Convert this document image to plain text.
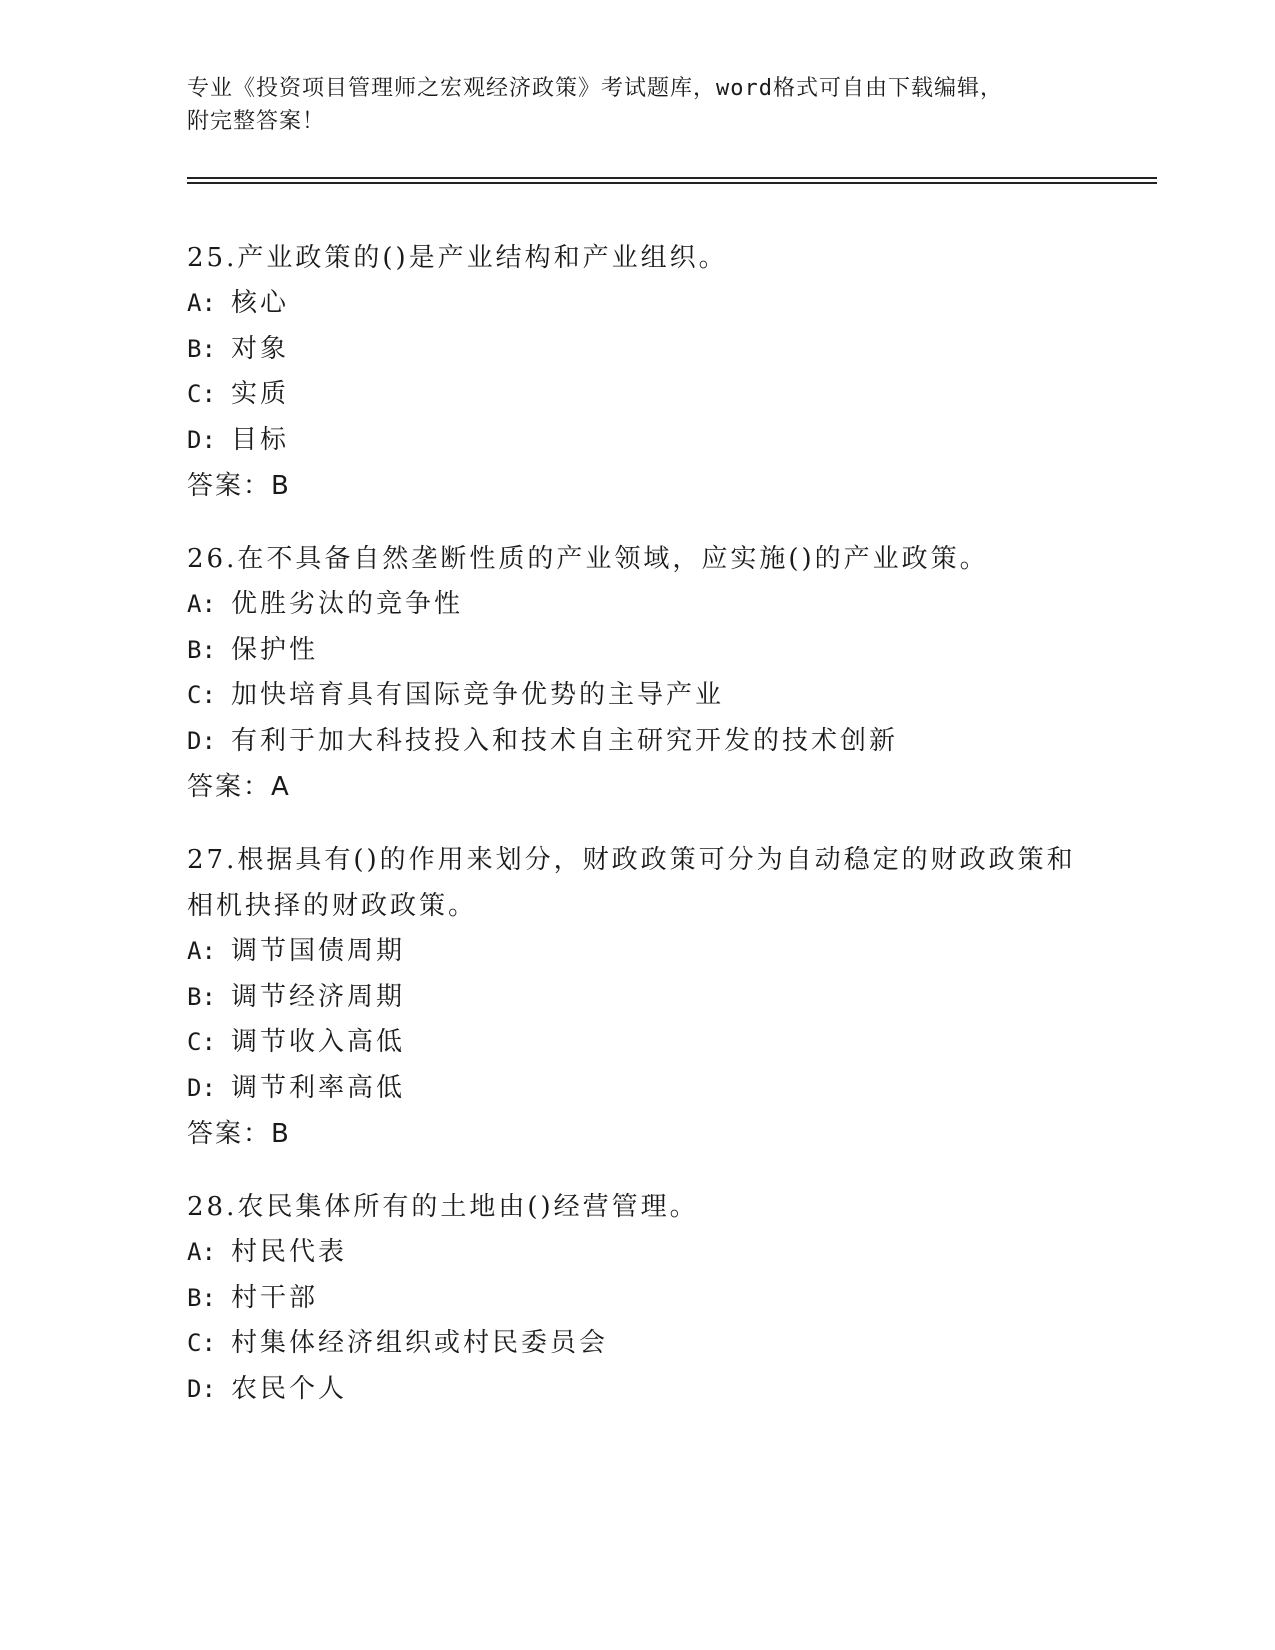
专业《投资项目管理师之宏观经济政策》考试题库，word格式可自由下载编辑，
附完整答案！
25.产业政策的()是产业结构和产业组织。
A: 核心
B: 对象
C: 实质
D: 目标
答案：B
26.在不具备自然垄断性质的产业领域，应实施()的产业政策。
A: 优胜劣汰的竞争性
B: 保护性
C: 加快培育具有国际竞争优势的主导产业
D: 有利于加大科技投入和技术自主研究开发的技术创新
答案：A
27.根据具有()的作用来划分，财政政策可分为自动稳定的财政政策和相机抉择的财政政策。
A: 调节国债周期
B: 调节经济周期
C: 调节收入高低
D: 调节利率高低
答案：B
28.农民集体所有的土地由()经营管理。
A: 村民代表
B: 村干部
C: 村集体经济组织或村民委员会
D: 农民个人
